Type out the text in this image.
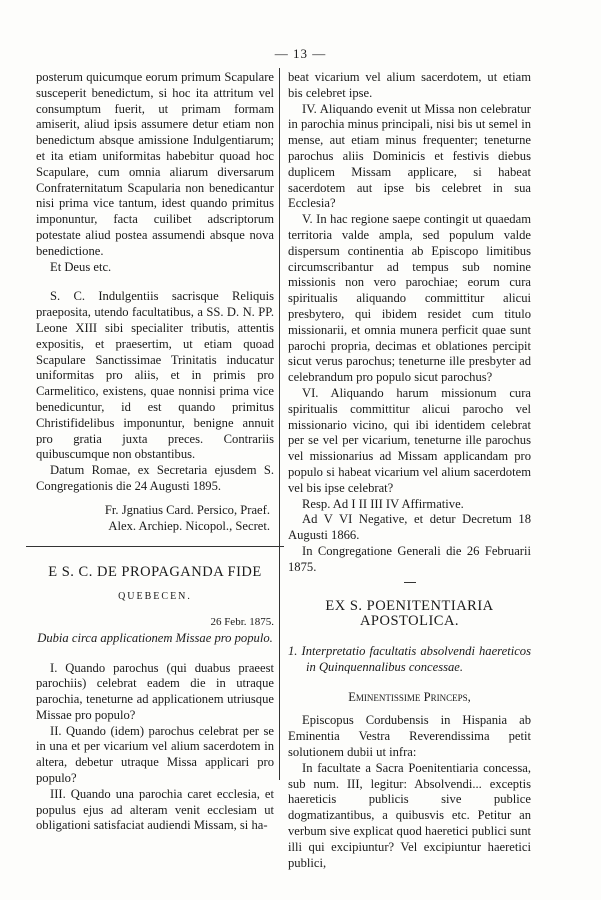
— 13 —

posterum quicumque eorum primum Scapulare susceperit benedictum, si hoc ita attritum vel consumptum fuerit, ut primam formam amiserit, aliud ipsis assumere detur etiam non benedictum absque amissione Indulgentiarum; et ita etiam uniformitas habebitur quoad hoc Scapulare, cum omnia aliarum diversarum Confraternitatum Scapularia non benedicantur nisi prima vice tantum, idest quando primitus imponuntur, facta cuilibet adscriptorum potestate aliud postea assumendi absque nova benedictione.

Et Deus etc.

S. C. Indulgentiis sacrisque Reliquis praeposita, utendo facultatibus, a SS. D. N. PP. Leone XIII sibi specialiter tributis, attentis expositis, et praesertim, ut etiam quoad Scapulare Sanctissimae Trinitatis inducatur uniformitas pro aliis, et in primis pro Carmelitico, existens, quae nonnisi prima vice benedicuntur, id est quando primitus Christifidelibus imponuntur, benigne annuit pro gratia juxta preces. Contrariis quibuscumque non obstantibus.

Datum Romae, ex Secretaria ejusdem S. Congregationis die 24 Augusti 1895.

Fr. Jgnatius Card. Persico, Praef.

Alex. Archiep. Nicopol., Secret.

E S. C. DE PROPAGANDA FIDE

QUEBECEN.

26 Febr. 1875.

Dubia circa applicationem Missae pro populo.

I. Quando parochus (qui duabus praeest parochiis) celebrat eadem die in utraque parochia, teneturne ad applicationem utriusque Missae pro populo?

II. Quando (idem) parochus celebrat per se in una et per vicarium vel alium sacerdotem in altera, debetur utraque Missa applicari pro populo?

III. Quando una parochia caret ecclesia, et populus ejus ad alteram venit ecclesiam ut obligationi satisfaciat audiendi Missam, si ha-

beat vicarium vel alium sacerdotem, ut etiam bis celebret ipse.

IV. Aliquando evenit ut Missa non celebratur in parochia minus principali, nisi bis ut semel in mense, aut etiam minus frequenter; teneturne parochus aliis Dominicis et festivis diebus duplicem Missam applicare, si habeat sacerdotem aut ipse bis celebret in sua Ecclesia?

V. In hac regione saepe contingit ut quaedam territoria valde ampla, sed populum valde dispersum continentia ab Episcopo limitibus circumscribantur ad tempus sub nomine missionis non vero parochiae; eorum cura spiritualis aliquando committitur alicui presbytero, qui ibidem residet cum titulo missionarii, et omnia munera perficit quae sunt parochi propria, decimas et oblationes percipit sicut verus parochus; teneturne ille presbyter ad celebrandum pro populo sicut parochus?

VI. Aliquando harum missionum cura spiritualis committitur alicui parocho vel missionario vicino, qui ibi identidem celebrat per se vel per vicarium, teneturne ille parochus vel missionarius ad Missam applicandam pro populo si habeat vicarium vel alium sacerdotem vel bis ipse celebrat?

Resp. Ad I II III IV Affirmative.

Ad V VI Negative, et detur Decretum 18 Augusti 1866.

In Congregatione Generali die 26 Februarii 1875.

EX S. POENITENTIARIA APOSTOLICA.

1. Interpretatio facultatis absolvendi haereticos in Quinquennalibus concessae.

Eminentissime Princeps,

Episcopus Cordubensis in Hispania ab Eminentia Vestra Reverendissima petit solutionem dubii ut infra:

In facultate a Sacra Poenitentiaria concessa, sub num. III, legitur: Absolvendi... exceptis haereticis publicis sive publice dogmatizantibus, a quibusvis etc. Petitur an verbum sive explicat quod haeretici publici sunt illi qui excipiuntur? Vel excipiuntur haeretici publici,
